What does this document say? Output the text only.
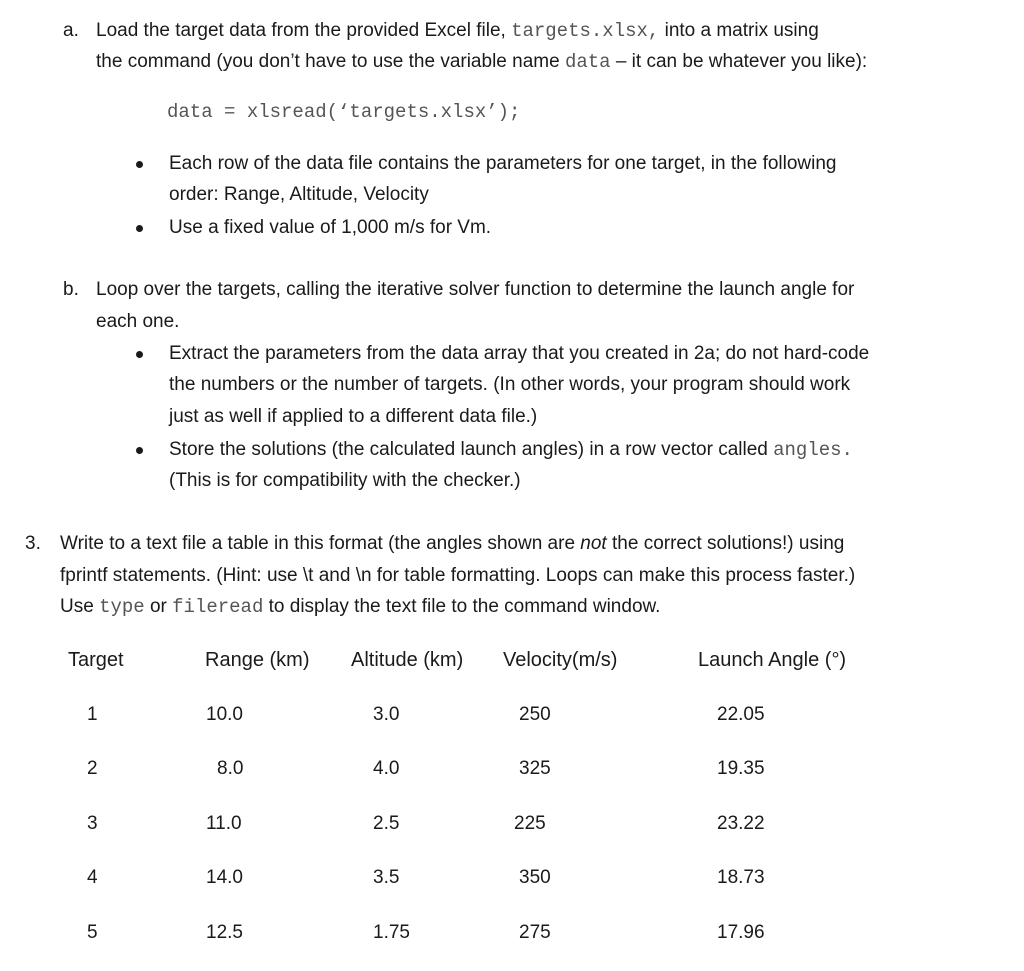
a. Load the target data from the provided Excel file, targets.xlsx, into a matrix using
the command (you don’t have to use the variable name data – it can be whatever you like):
data = xlsread(‘targets.xlsx’);
Each row of the data file contains the parameters for one target, in the following
order: Range, Altitude, Velocity
Use a fixed value of 1,000 m/s for Vm.
b. Loop over the targets, calling the iterative solver function to determine the launch angle for
each one.
Extract the parameters from the data array that you created in 2a; do not hard-code
the numbers or the number of targets. (In other words, your program should work
just as well if applied to a different data file.)
Store the solutions (the calculated launch angles) in a row vector called angles.
(This is for compatibility with the checker.)
3. Write to a text file a table in this format (the angles shown are not the correct solutions!) using
fprintf statements. (Hint: use \t and \n for table formatting. Loops can make this process faster.)
Use type or fileread to display the text file to the command window.
Target	Range (km) Altitude (km) Velocity(m/s)	Launch Angle (°)
1	10.0	3.0	250	22.05
2	8.0	4.0	325	19.35
3	11.0	2.5	225	23.22
4	14.0	3.5	350	18.73
5	12.5	1.75	275	17.96
